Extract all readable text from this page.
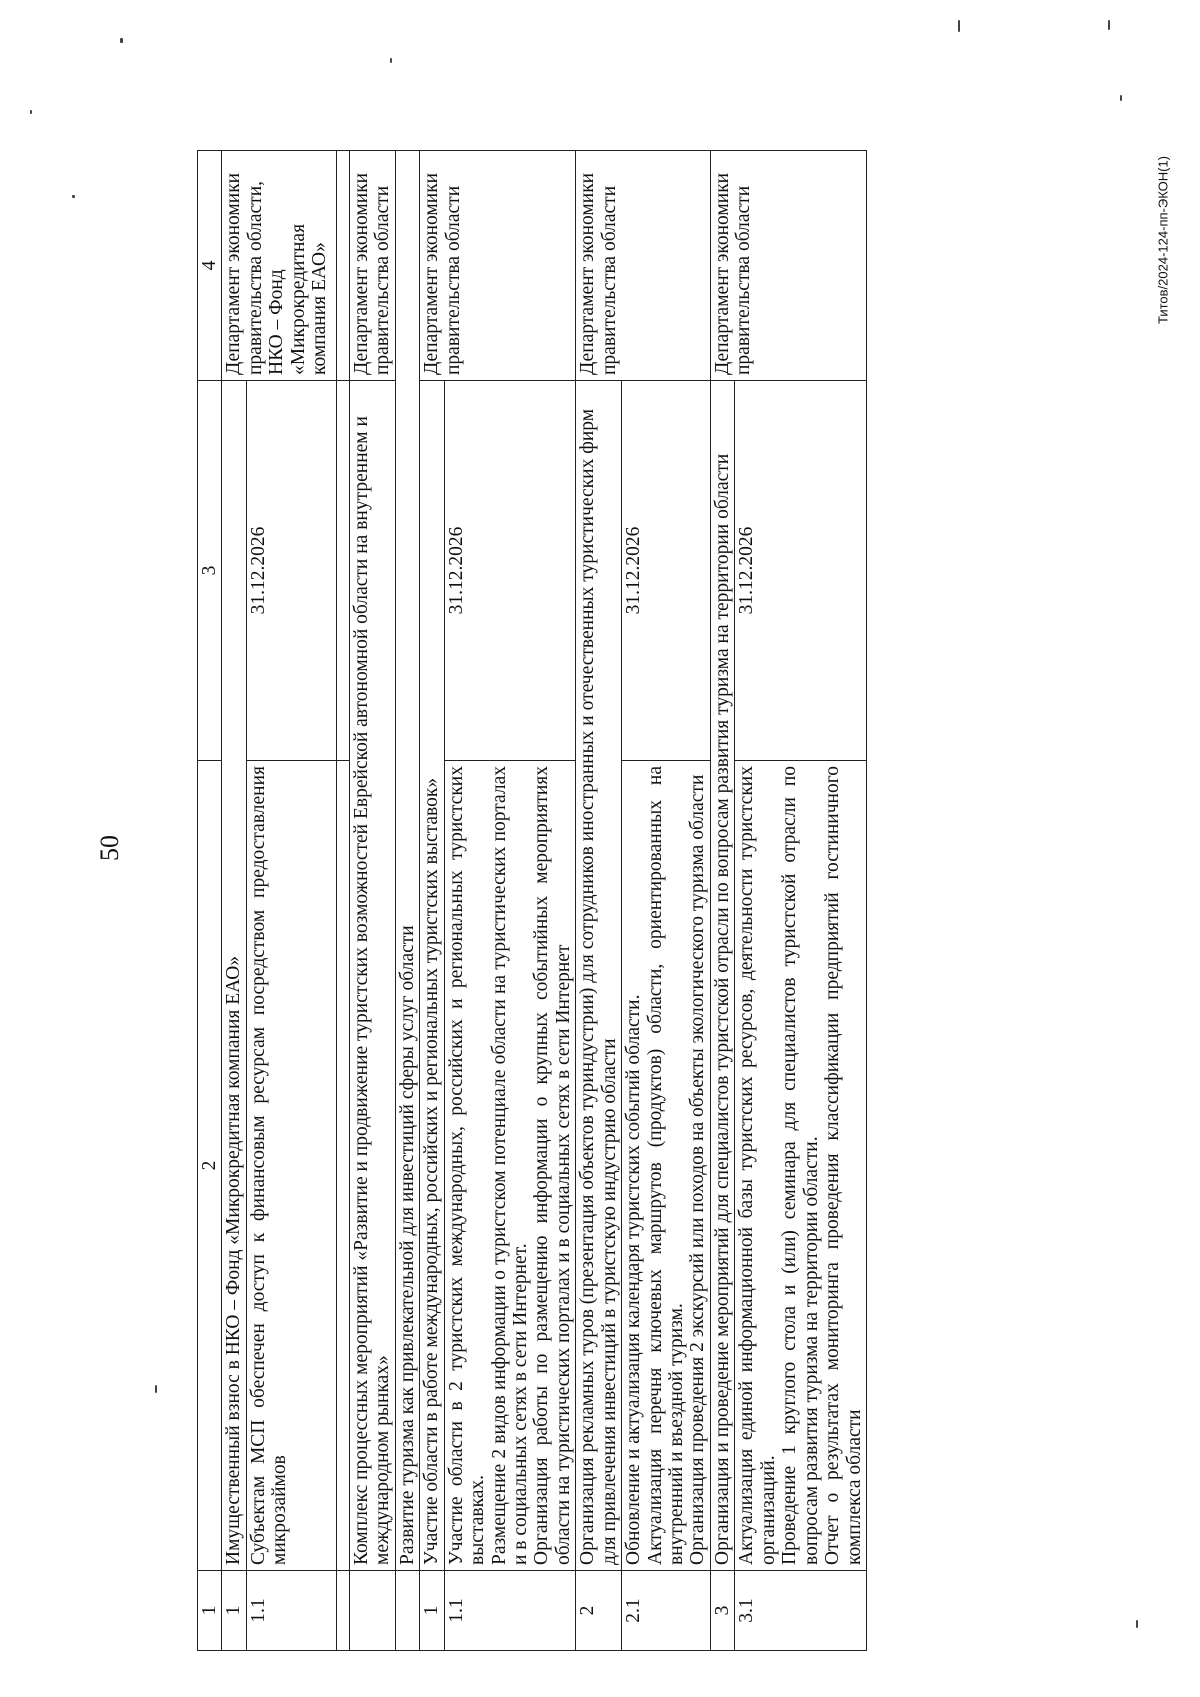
50
Титов/2024-124-пп-ЭКОН(1)
1	2	3	4
1	Имущественный взнос в НКО – Фонд «Микрокредитная компания ЕАО»		Департамент экономики правительства области, НКО – Фонд «Микрокредитная компания ЕАО»

1.1	Субъектам МСП обеспечен доступ к финансовым ресурсам посредством предоставления микрозаймов	31.12.2026	

	Комплекс процессных мероприятий «Развитие и продвижение туристских возможностей Еврейской автономной области на внутреннем и международном рынках»		Департамент экономики правительства области
	Развитие туризма как привлекательной для инвестиций сферы услуг области		
1	Участие области в работе международных, российских и региональных туристских выставок»		Департамент экономики правительства области
1.1	Участие области в 2 туристских международных, российских и региональных туристских выставках. Размещение 2 видов информации о туристском потенциале области на туристических порталах и в социальных сетях в сети Интернет. Организация работы по размещению информации о крупных событийных мероприятиях области на туристических порталах и в социальных сетях в сети Интернет	31.12.2026	
2	Организация рекламных туров (презентация объектов туриндустрии) для сотрудников иностранных и отечественных туристических фирм для привлечения инвестиций в туристскую индустрию области		Департамент экономики правительства области
2.1	Обновление и актуализация календаря туристских событий области. Актуализация перечня ключевых маршрутов (продуктов) области, ориентированных на внутренний и въездной туризм. Организация проведения 2 экскурсий или походов на объекты экологического туризма области	31.12.2026	
3	Организация и проведение мероприятий для специалистов туристской отрасли по вопросам развития туризма на территории области		Департамент экономики правительства области
3.1	Актуализация единой информационной базы туристских ресурсов, деятельности туристских организаций. Проведение 1 круглого стола и (или) семинара для специалистов туристской отрасли по вопросам развития туризма на территории области. Отчет о результатах мониторинга проведения классификации предприятий гостиничного комплекса области	31.12.2026	
